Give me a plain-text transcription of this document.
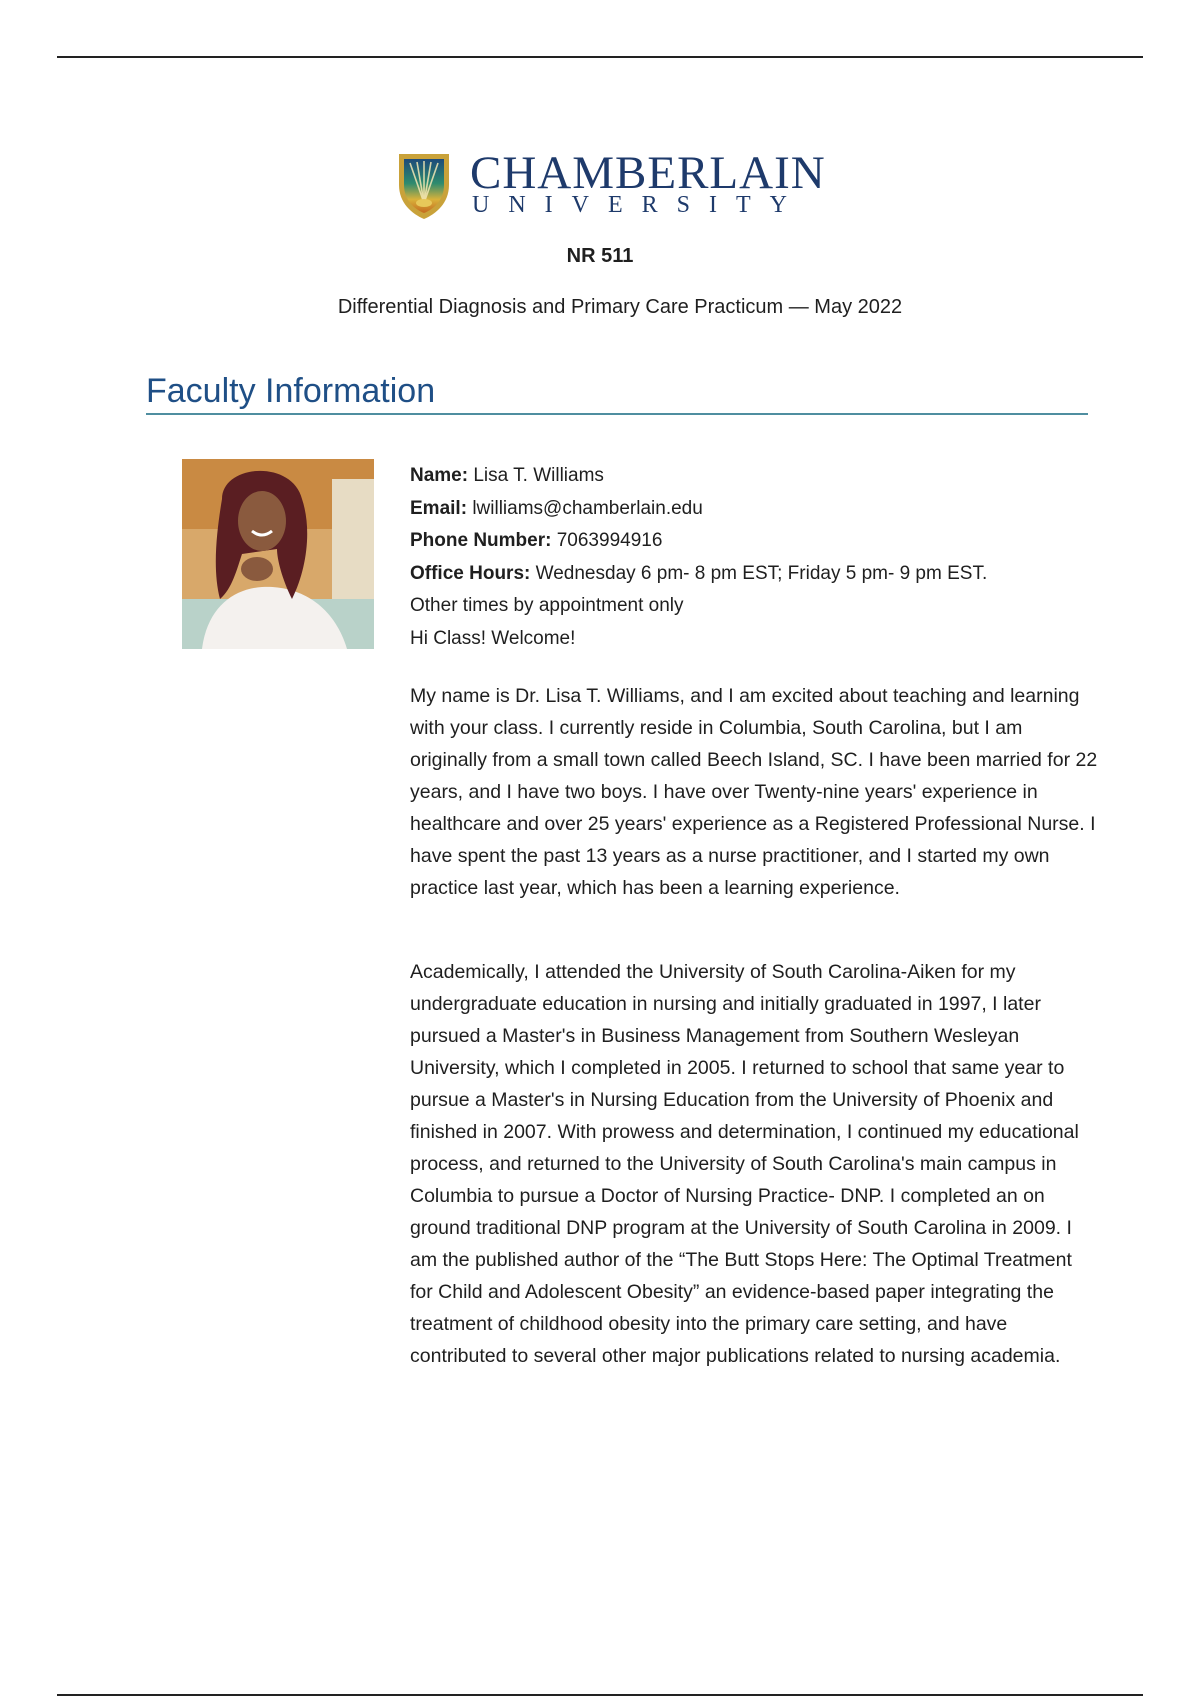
CHAMBERLAIN
UNIVERSITY
NR 511
Differential Diagnosis and Primary Care Practicum — May 2022
Faculty Information
Name: Lisa T. Williams
Email: lwilliams@chamberlain.edu
Phone Number: 7063994916
Office Hours: Wednesday 6 pm- 8 pm EST; Friday 5 pm- 9 pm EST.
Other times by appointment only
Hi Class! Welcome!

My name is Dr. Lisa T. Williams, and I am excited about teaching and learning with your class. I currently reside in Columbia, South Carolina, but I am originally from a small town called Beech Island, SC. I have been married for 22 years, and I have two boys. I have over Twenty-nine years' experience in healthcare and over 25 years' experience as a Registered Professional Nurse. I have spent the past 13 years as a nurse practitioner, and I started my own practice last year, which has been a learning experience.

Academically, I attended the University of South Carolina-Aiken for my undergraduate education in nursing and initially graduated in 1997, I later pursued a Master's in Business Management from Southern Wesleyan University, which I completed in 2005. I returned to school that same year to pursue a Master's in Nursing Education from the University of Phoenix and finished in 2007. With prowess and determination, I continued my educational process, and returned to the University of South Carolina's main campus in Columbia to pursue a Doctor of Nursing Practice- DNP. I completed an on ground traditional DNP program at the University of South Carolina in 2009. I am the published author of the “The Butt Stops Here: The Optimal Treatment for Child and Adolescent Obesity” an evidence-based paper integrating the treatment of childhood obesity into the primary care setting, and have contributed to several other major publications related to nursing academia.
